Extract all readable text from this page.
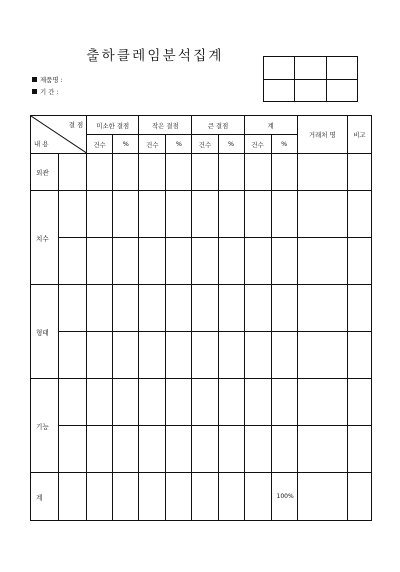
출하클레임분석집계
제품명 :
기 간 :

결 점
내 용		미소한 결점		작은 결점		큰 결점		계		거래처 명	비고
		건수	%	건수	%	건수	%	건수	%		
외관											
치수											

형태											

기능											

계									100%		
